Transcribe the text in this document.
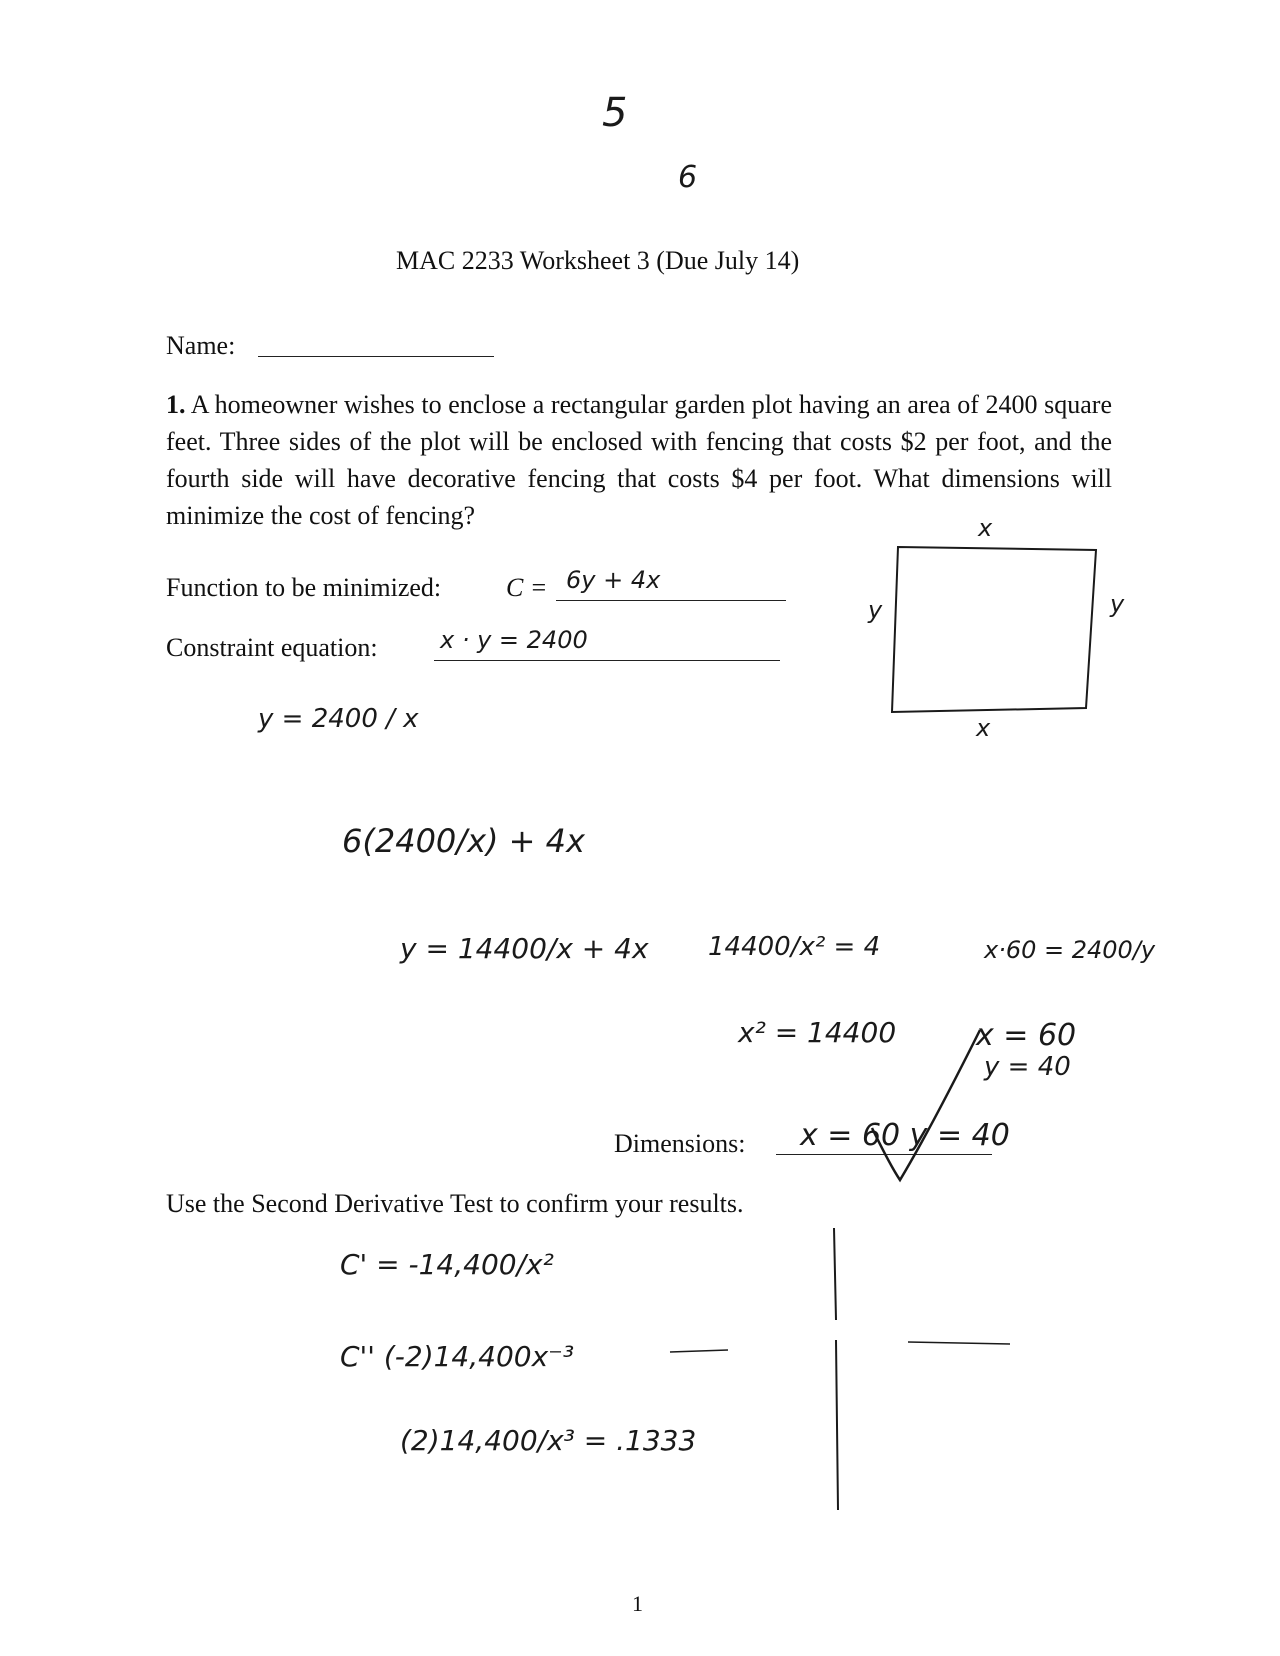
5
6
MAC 2233 Worksheet 3 (Due July 14)
Name:
1. A homeowner wishes to enclose a rectangular garden plot having an area of 2400 square feet. Three sides of the plot will be enclosed with fencing that costs $2 per foot, and the fourth side will have decorative fencing that costs $4 per foot. What dimensions will minimize the cost of fencing?
Function to be minimized: C = 6y + 4x
Constraint equation:	x · y = 2400
x
y	y
x
y = 2400 / x
6(2400/x) + 4x
y = 14400/x + 4x 14400/x² = 4	x·60 = 2400/y
x² = 14400	x = 60
y = 40
Dimensions: x = 60 y = 40
Use the Second Derivative Test to confirm your results.
C' = -14,400/x²
C'' (-2)14,400x⁻³
(2)14,400/x³ = .1333
1
